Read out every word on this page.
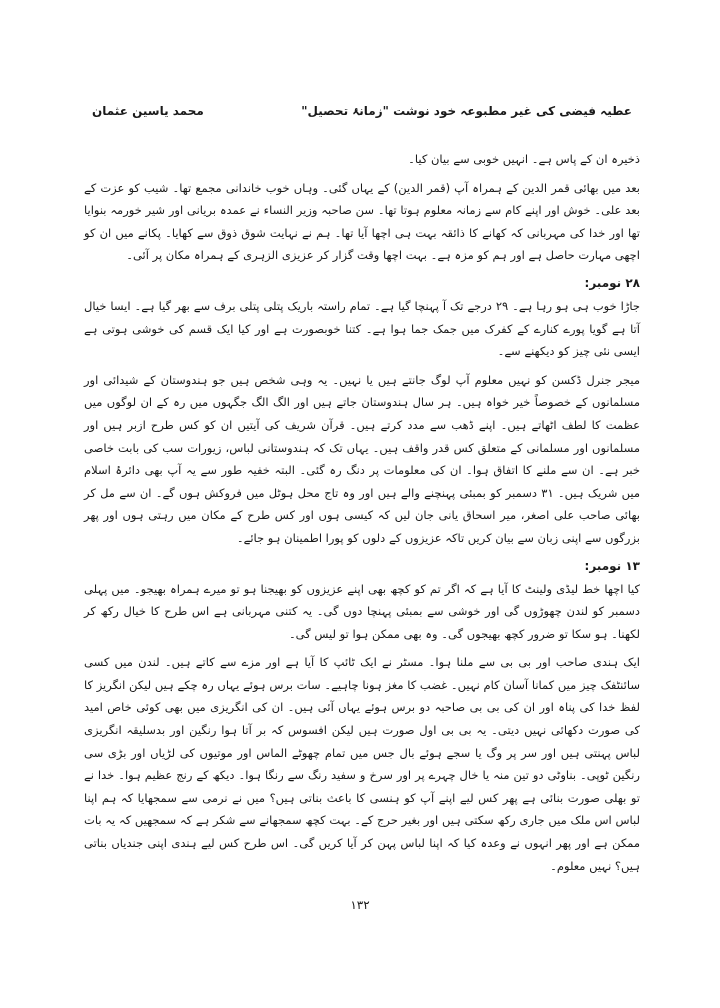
عطیہ فیضی کی غیر مطبوعہ خود نوشت "زمانۂ تحصیل"
محمد یاسین عثمان

ذخیرہ ان کے پاس ہے۔ انہیں خوبی سے بیان کیا۔

بعد میں بھائی قمر الدین کے ہمراہ آپ (قمر الدین) کے یہاں گئی۔ وہاں خوب خاندانی مجمع تھا۔ شیب کو عزت کے بعد علی۔ خوش اور اپنے کام سے زمانہ معلوم ہوتا تھا۔ سن صاحبہ وزیر النساء نے عمدہ بریانی اور شیر خورمہ بنوایا تھا اور خدا کی مہربانی کہ کھانے کا ذائقہ بہت ہی اچھا آیا تھا۔ ہم نے نہایت شوق ذوق سے کھایا۔ پکانے میں ان کو اچھی مہارت حاصل ہے اور ہم کو مزہ ہے۔ بہت اچھا وقت گزار کر عزیزی الزہری کے ہمراہ مکان پر آئی۔

۲۸ نومبر:

جاڑا خوب ہی ہو رہا ہے۔ ۲۹ درجے تک آ پہنچا گیا ہے۔ تمام راستہ باریک پتلی پتلی برف سے بھر گیا ہے۔ ایسا خیال آتا ہے گویا پورے کنارے کے کفرک میں جمک جما ہوا ہے۔ کتنا خوبصورت ہے اور کیا ایک قسم کی خوشی ہوتی ہے ایسی نئی چیز کو دیکھنے سے۔

میجر جنرل ڈکسن کو نہیں معلوم آپ لوگ جانتے ہیں یا نہیں۔ یہ وہی شخص ہیں جو ہندوستان کے شیدائی اور مسلمانوں کے خصوصاً خیر خواہ ہیں۔ ہر سال ہندوستان جاتے ہیں اور الگ الگ جگہوں میں رہ کے ان لوگوں میں عظمت کا لطف اٹھاتے ہیں۔ اپنے ڈھب سے مدد کرتے ہیں۔ قرآن شریف کی آیتیں ان کو کس طرح ازبر ہیں اور مسلمانوں اور مسلمانی کے متعلق کس قدر واقف ہیں۔ یہاں تک کہ ہندوستانی لباس، زیورات سب کی بابت خاصی خبر ہے۔ ان سے ملنے کا اتفاق ہوا۔ ان کی معلومات پر دنگ رہ گئی۔ البتہ خفیہ طور سے یہ آپ بھی دائرۂ اسلام میں شریک ہیں۔ ۳۱ دسمبر کو بمبئی پہنچنے والے ہیں اور وہ تاج محل ہوٹل میں فروکش ہوں گے۔ ان سے مل کر بھائی صاحب علی اصغر، میر اسحاق یانی جان لیں کہ کیسی ہوں اور کس طرح کے مکان میں رہتی ہوں اور پھر بزرگوں سے اپنی زبان سے بیان کریں تاکہ عزیزوں کے دلوں کو پورا اطمینان ہو جائے۔

۱۳ نومبر:

کیا اچھا خط لیڈی ولینٹ کا آیا ہے کہ اگر تم کو کچھ بھی اپنے عزیزوں کو بھیجنا ہو تو میرے ہمراہ بھیجو۔ میں پہلی دسمبر کو لندن چھوڑوں گی اور خوشی سے بمبئی پہنچا دوں گی۔ یہ کتنی مہربانی ہے اس طرح کا خیال رکھ کر لکھنا۔ ہو سکا تو ضرور کچھ بھیجوں گی۔ وہ بھی ممکن ہوا تو لیس گی۔

ایک ہندی صاحب اور بی بی سے ملنا ہوا۔ مسٹر نے ایک ٹائپ کا آیا ہے اور مزے سے کاتے ہیں۔ لندن میں کسی سائنٹفک چیز میں کمانا آسان کام نہیں۔ غضب کا مغز ہونا چاہیے۔ سات برس ہوئے یہاں رہ چکے ہیں لیکن انگریز کا لفظ خدا کی پناہ اور ان کی بی بی صاحبہ دو برس ہوئے یہاں آئی ہیں۔ ان کی انگریزی میں بھی کوئی خاص امید کی صورت دکھائی نہیں دیتی۔ یہ بی بی اول صورت ہیں لیکن افسوس کہ بر آتا ہوا رنگین اور بدسلیقہ انگریزی لباس پہنتی ہیں اور سر پر وگ یا سجے ہوئے بال جس میں تمام چھوٹے الماس اور موتیوں کی لڑیاں اور بڑی سی رنگین ٹوپی۔ بناوٹی دو تین منہ یا خال چہرے پر اور سرخ و سفید رنگ سے رنگا ہوا۔ دیکھ کے رنج عظیم ہوا۔ خدا نے تو بھلی صورت بنائی ہے پھر کس لیے اپنے آپ کو ہنسی کا باعث بناتی ہیں؟ میں نے نرمی سے سمجھایا کہ ہم اپنا لباس اس ملک میں جاری رکھ سکتی ہیں اور بغیر حرج کے۔ بہت کچھ سمجھانے سے شکر ہے کہ سمجھیں کہ یہ بات ممکن ہے اور پھر انہوں نے وعدہ کیا کہ اپنا لباس پہن کر آیا کریں گی۔ اس طرح کس لیے ہندی اپنی جندیاں بناتی ہیں؟ نہیں معلوم۔

۱۳۲
